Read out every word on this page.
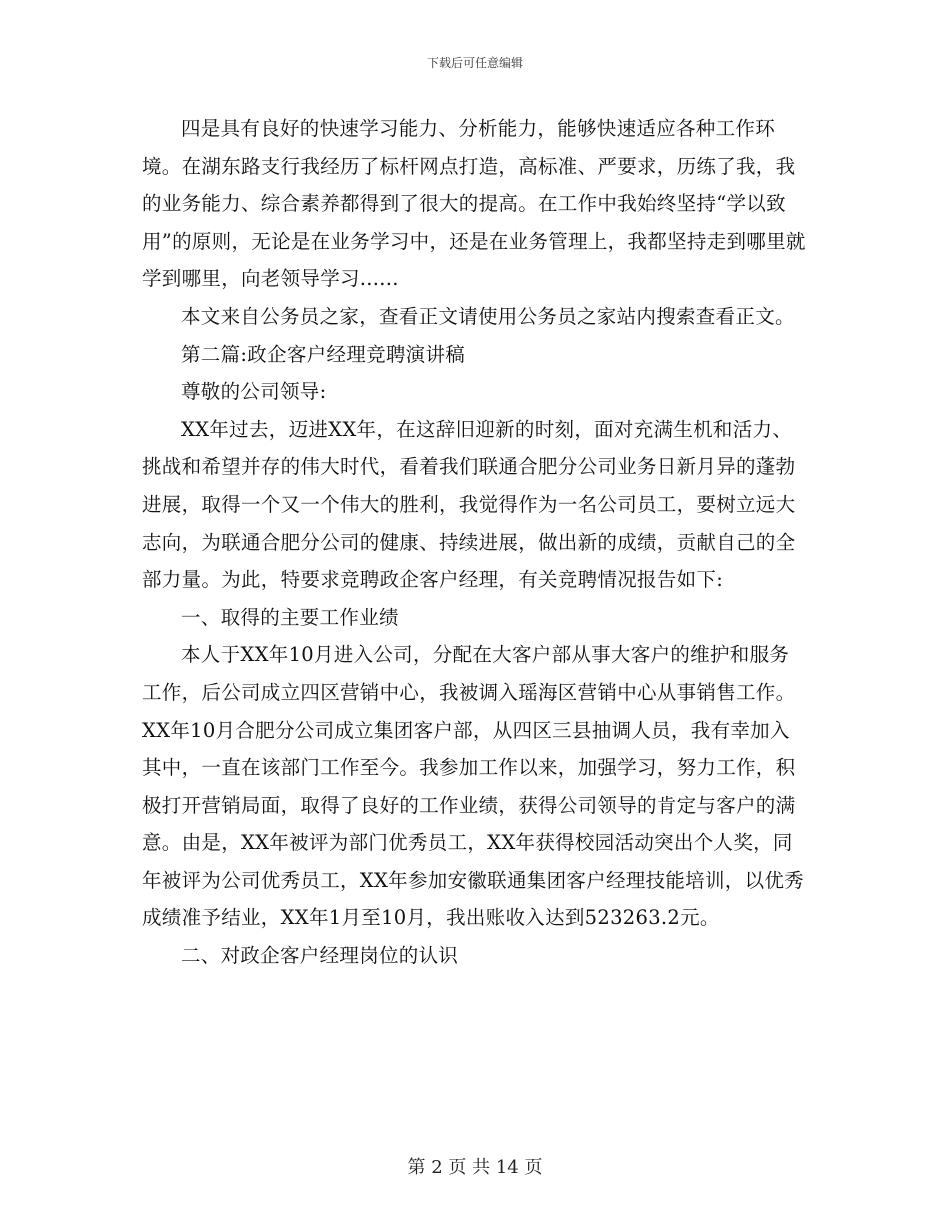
下载后可任意编辑

四是具有良好的快速学习能力、分析能力，能够快速适应各种工作环境。在湖东路支行我经历了标杆网点打造，高标准、严要求，历练了我，我的业务能力、综合素养都得到了很大的提高。在工作中我始终坚持“学以致用”的原则，无论是在业务学习中，还是在业务管理上，我都坚持走到哪里就学到哪里，向老领导学习......

本文来自公务员之家，查看正文请使用公务员之家站内搜索查看正文。

第二篇:政企客户经理竞聘演讲稿

尊敬的公司领导:

XX年过去，迈进XX年，在这辞旧迎新的时刻，面对充满生机和活力、挑战和希望并存的伟大时代，看着我们联通合肥分公司业务日新月异的蓬勃进展，取得一个又一个伟大的胜利，我觉得作为一名公司员工，要树立远大志向，为联通合肥分公司的健康、持续进展，做出新的成绩，贡献自己的全部力量。为此，特要求竞聘政企客户经理，有关竞聘情况报告如下:

一、取得的主要工作业绩

本人于XX年10月进入公司，分配在大客户部从事大客户的维护和服务工作，后公司成立四区营销中心，我被调入瑶海区营销中心从事销售工作。XX年10月合肥分公司成立集团客户部，从四区三县抽调人员，我有幸加入其中，一直在该部门工作至今。我参加工作以来，加强学习，努力工作，积极打开营销局面，取得了良好的工作业绩，获得公司领导的肯定与客户的满意。由是，XX年被评为部门优秀员工，XX年获得校园活动突出个人奖，同年被评为公司优秀员工，XX年参加安徽联通集团客户经理技能培训，以优秀成绩准予结业，XX年1月至10月，我出账收入达到523263.2元。

二、对政企客户经理岗位的认识

第 2 页 共 14 页
